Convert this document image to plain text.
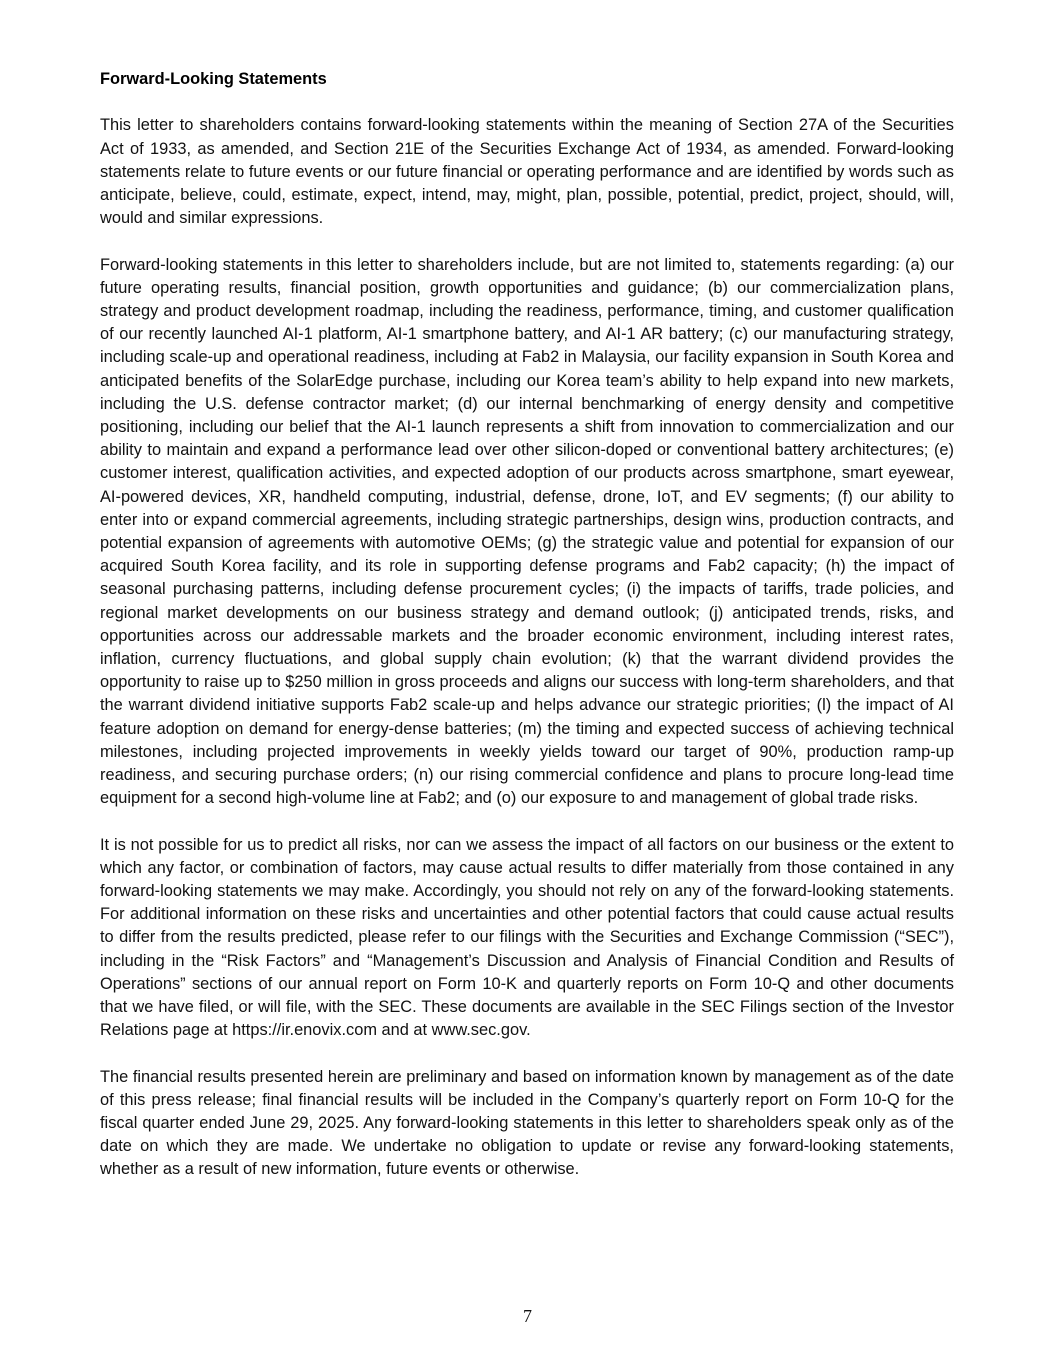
Forward-Looking Statements

This letter to shareholders contains forward-looking statements within the meaning of Section 27A of the Securities Act of 1933, as amended, and Section 21E of the Securities Exchange Act of 1934, as amended. Forward-looking statements relate to future events or our future financial or operating performance and are identified by words such as anticipate, believe, could, estimate, expect, intend, may, might, plan, possible, potential, predict, project, should, will, would and similar expressions.

Forward-looking statements in this letter to shareholders include, but are not limited to, statements regarding: (a) our future operating results, financial position, growth opportunities and guidance; (b) our commercialization plans, strategy and product development roadmap, including the readiness, performance, timing, and customer qualification of our recently launched AI-1 platform, AI-1 smartphone battery, and AI-1 AR battery; (c) our manufacturing strategy, including scale-up and operational readiness, including at Fab2 in Malaysia, our facility expansion in South Korea and anticipated benefits of the SolarEdge purchase, including our Korea team’s ability to help expand into new markets, including the U.S. defense contractor market; (d) our internal benchmarking of energy density and competitive positioning, including our belief that the AI-1 launch represents a shift from innovation to commercialization and our ability to maintain and expand a performance lead over other silicon-doped or conventional battery architectures; (e) customer interest, qualification activities, and expected adoption of our products across smartphone, smart eyewear, AI-powered devices, XR, handheld computing, industrial, defense, drone, IoT, and EV segments; (f) our ability to enter into or expand commercial agreements, including strategic partnerships, design wins, production contracts, and potential expansion of agreements with automotive OEMs; (g) the strategic value and potential for expansion of our acquired South Korea facility, and its role in supporting defense programs and Fab2 capacity; (h) the impact of seasonal purchasing patterns, including defense procurement cycles; (i) the impacts of tariffs, trade policies, and regional market developments on our business strategy and demand outlook; (j) anticipated trends, risks, and opportunities across our addressable markets and the broader economic environment, including interest rates, inflation, currency fluctuations, and global supply chain evolution; (k) that the warrant dividend provides the opportunity to raise up to $250 million in gross proceeds and aligns our success with long-term shareholders, and that the warrant dividend initiative supports Fab2 scale-up and helps advance our strategic priorities; (l) the impact of AI feature adoption on demand for energy-dense batteries; (m) the timing and expected success of achieving technical milestones, including projected improvements in weekly yields toward our target of 90%, production ramp-up readiness, and securing purchase orders; (n) our rising commercial confidence and plans to procure long-lead time equipment for a second high-volume line at Fab2; and (o) our exposure to and management of global trade risks.

It is not possible for us to predict all risks, nor can we assess the impact of all factors on our business or the extent to which any factor, or combination of factors, may cause actual results to differ materially from those contained in any forward-looking statements we may make. Accordingly, you should not rely on any of the forward-looking statements. For additional information on these risks and uncertainties and other potential factors that could cause actual results to differ from the results predicted, please refer to our filings with the Securities and Exchange Commission (“SEC”), including in the “Risk Factors” and “Management’s Discussion and Analysis of Financial Condition and Results of Operations” sections of our annual report on Form 10-K and quarterly reports on Form 10-Q and other documents that we have filed, or will file, with the SEC. These documents are available in the SEC Filings section of the Investor Relations page at https://ir.enovix.com and at www.sec.gov.

The financial results presented herein are preliminary and based on information known by management as of the date of this press release; final financial results will be included in the Company’s quarterly report on Form 10-Q for the fiscal quarter ended June 29, 2025. Any forward-looking statements in this letter to shareholders speak only as of the date on which they are made. We undertake no obligation to update or revise any forward-looking statements, whether as a result of new information, future events or otherwise.

7
